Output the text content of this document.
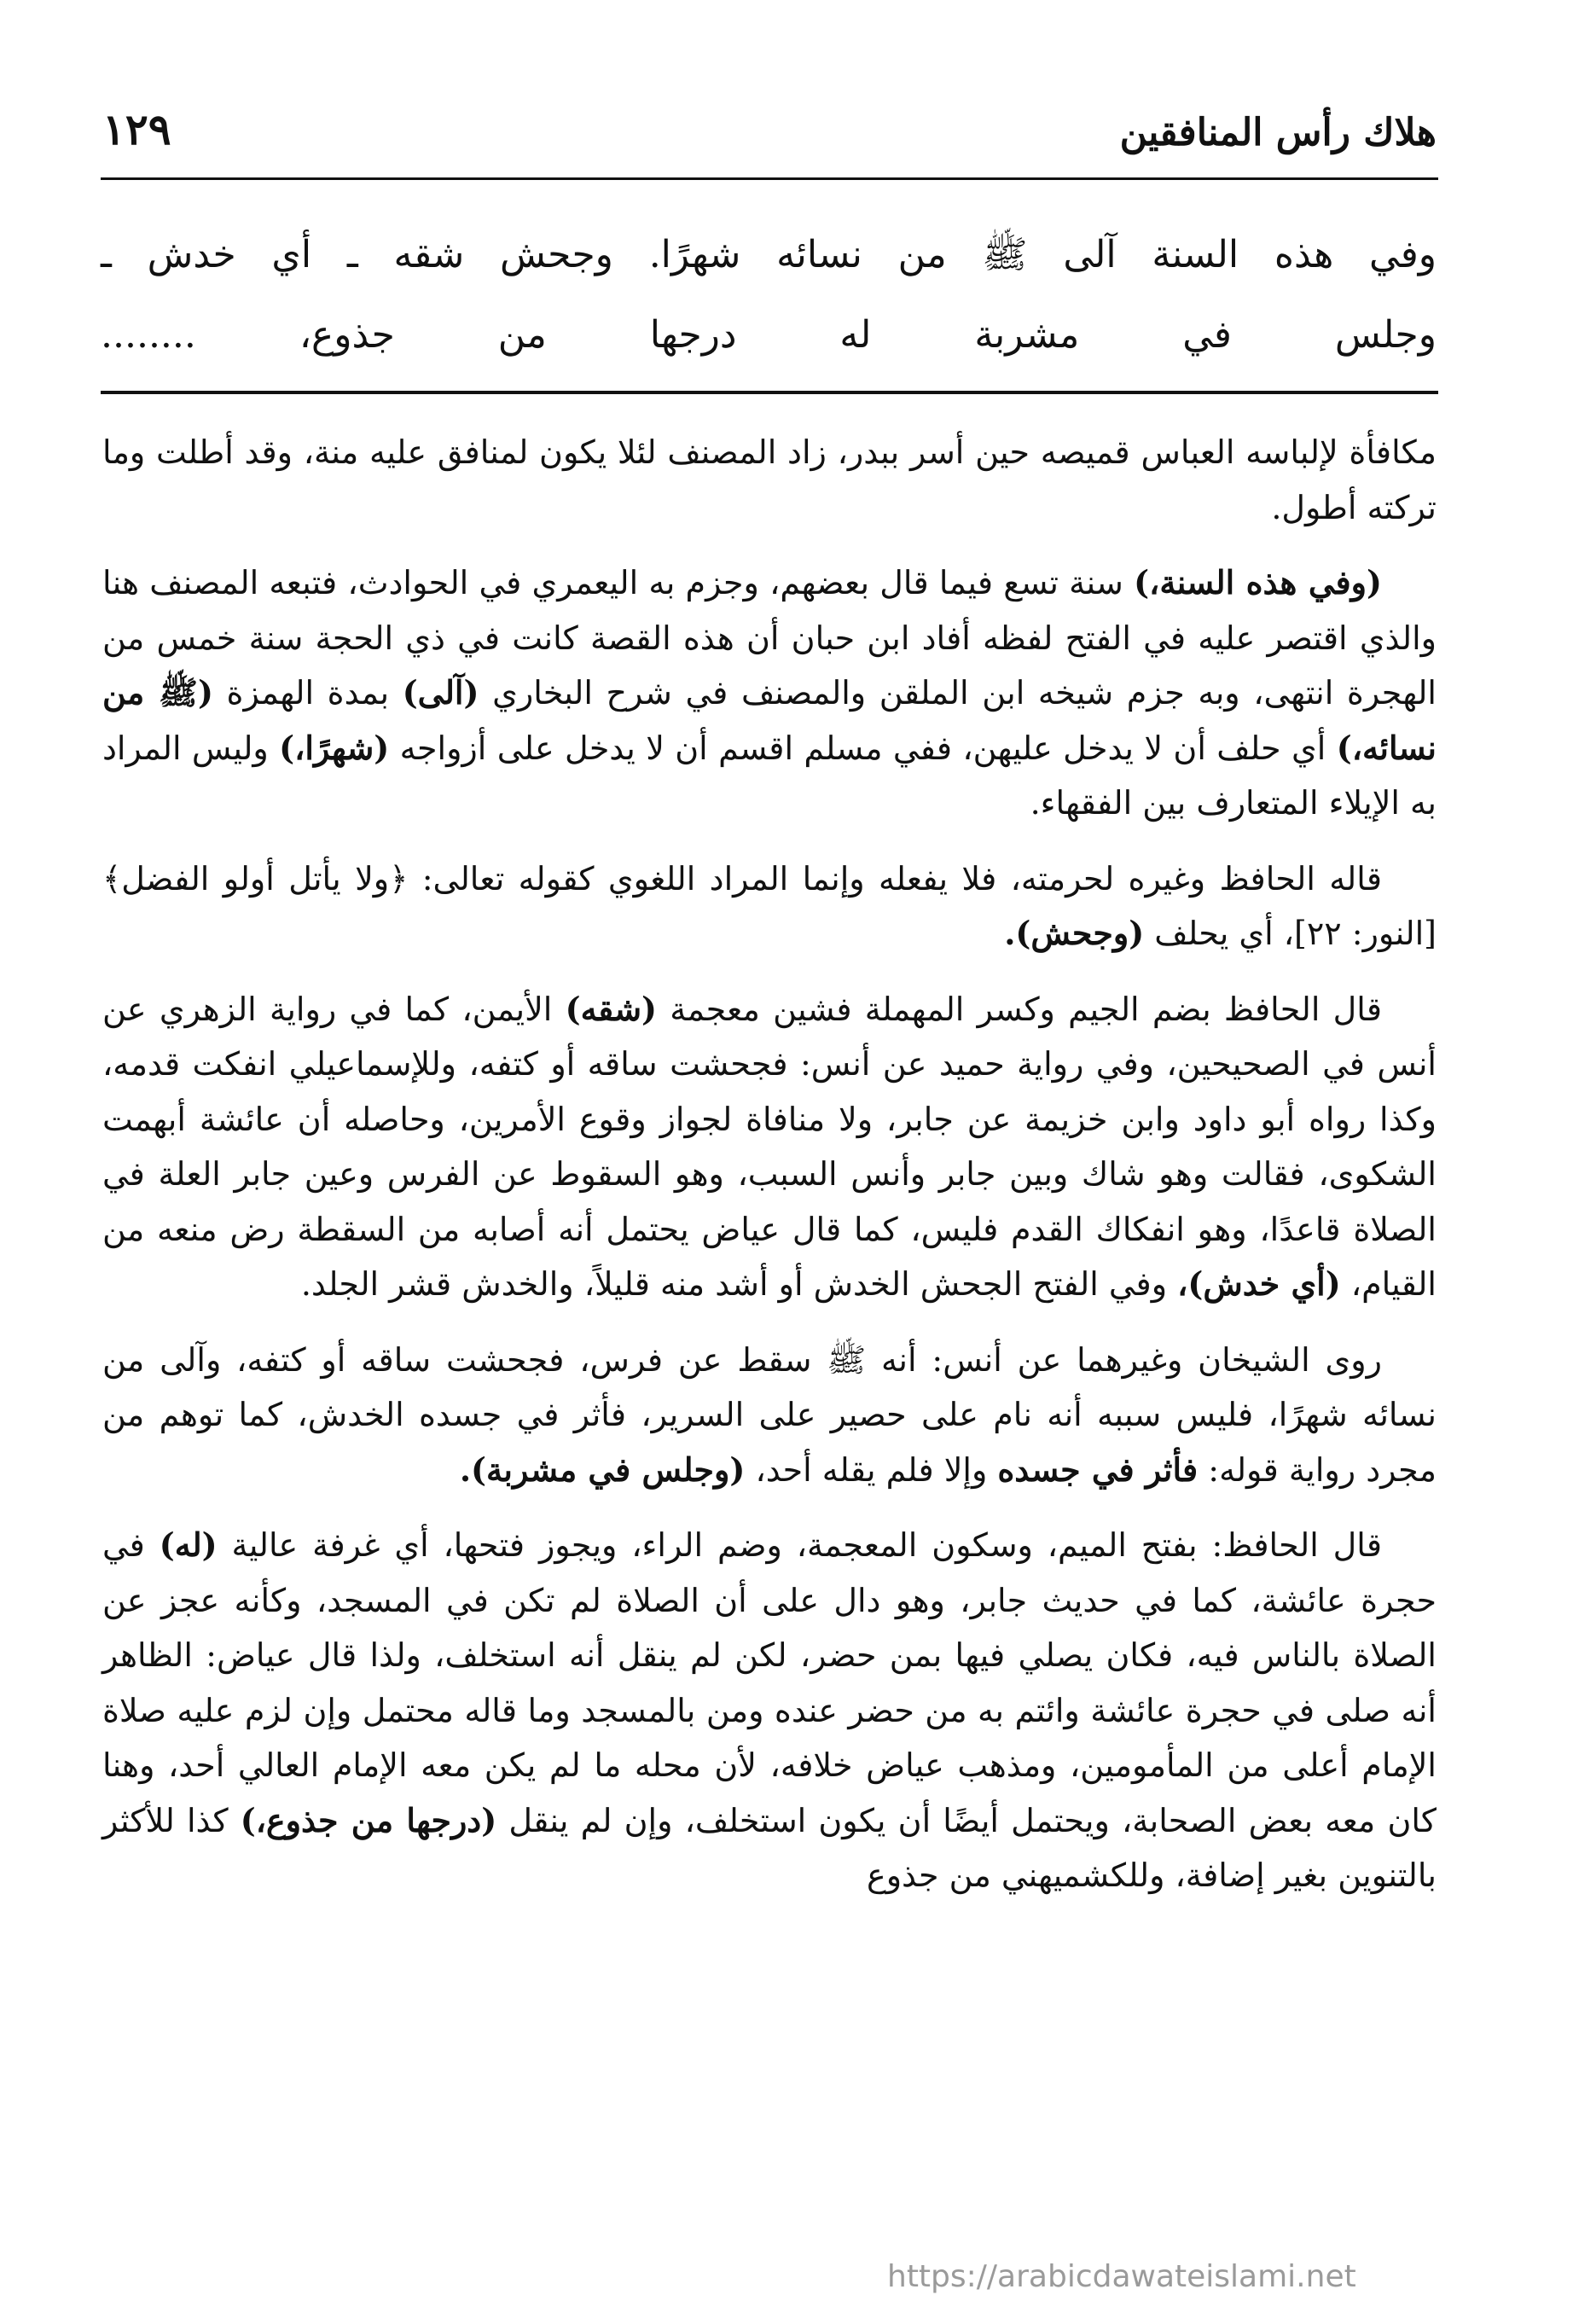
هلاك رأس المنافقين
١٢٩
وفي هذه السنة آلى ﷺ من نسائه شهرًا. وجحش شقه ـ أي خدش ـ
وجلس في مشربة له درجها من جذوع، ........

مكافأة لإلباسه العباس قميصه حين أسر ببدر، زاد المصنف لئلا يكون لمنافق عليه منة، وقد أطلت وما تركته أطول.

(وفي هذه السنة،) سنة تسع فيما قال بعضهم، وجزم به اليعمري في الحوادث، فتبعه المصنف هنا والذي اقتصر عليه في الفتح لفظه أفاد ابن حبان أن هذه القصة كانت في ذي الحجة سنة خمس من الهجرة انتهى، وبه جزم شيخه ابن الملقن والمصنف في شرح البخاري (آلى) بمدة الهمزة (ﷺ من نسائه،) أي حلف أن لا يدخل عليهن، ففي مسلم اقسم أن لا يدخل على أزواجه (شهرًا،) وليس المراد به الإيلاء المتعارف بين الفقهاء.

قاله الحافظ وغيره لحرمته، فلا يفعله وإنما المراد اللغوي كقوله تعالى: ﴿ولا يأتل أولو الفضل﴾ [النور: ٢٢]، أي يحلف (وجحش).

قال الحافظ بضم الجيم وكسر المهملة فشين معجمة (شقه) الأيمن، كما في رواية الزهري عن أنس في الصحيحين، وفي رواية حميد عن أنس: فجحشت ساقه أو كتفه، وللإسماعيلي انفكت قدمه، وكذا رواه أبو داود وابن خزيمة عن جابر، ولا منافاة لجواز وقوع الأمرين، وحاصله أن عائشة أبهمت الشكوى، فقالت وهو شاك وبين جابر وأنس السبب، وهو السقوط عن الفرس وعين جابر العلة في الصلاة قاعدًا، وهو انفكاك القدم فليس، كما قال عياض يحتمل أنه أصابه من السقطة رض منعه من القيام، (أي خدش)، وفي الفتح الجحش الخدش أو أشد منه قليلاً، والخدش قشر الجلد.

روى الشيخان وغيرهما عن أنس: أنه ﷺ سقط عن فرس، فجحشت ساقه أو كتفه، وآلى من نسائه شهرًا، فليس سببه أنه نام على حصير على السرير، فأثر في جسده الخدش، كما توهم من مجرد رواية قوله: فأثر في جسده وإلا فلم يقله أحد، (وجلس في مشربة).

قال الحافظ: بفتح الميم، وسكون المعجمة، وضم الراء، ويجوز فتحها، أي غرفة عالية (له) في حجرة عائشة، كما في حديث جابر، وهو دال على أن الصلاة لم تكن في المسجد، وكأنه عجز عن الصلاة بالناس فيه، فكان يصلي فيها بمن حضر، لكن لم ينقل أنه استخلف، ولذا قال عياض: الظاهر أنه صلى في حجرة عائشة وائتم به من حضر عنده ومن بالمسجد وما قاله محتمل وإن لزم عليه صلاة الإمام أعلى من المأمومين، ومذهب عياض خلافه، لأن محله ما لم يكن معه الإمام العالي أحد، وهنا كان معه بعض الصحابة، ويحتمل أيضًا أن يكون استخلف، وإن لم ينقل (درجها من جذوع،) كذا للأكثر بالتنوين بغير إضافة، وللكشميهني من جذوع

https://arabicdawateislami.net
